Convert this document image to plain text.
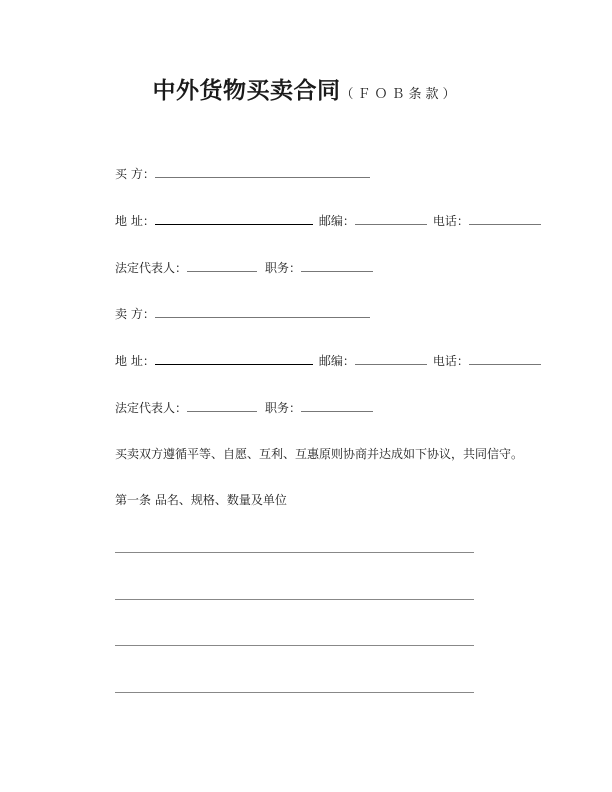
中外货物买卖合同（ＦＯＢ条款）
买 方：
地 址：	邮编：	电话：
法定代表人：	职务：
卖 方：
地 址：	邮编：	电话：
法定代表人：	职务：
买卖双方遵循平等、自愿、互利、互惠原则协商并达成如下协议，共同信守。
第一条 品名、规格、数量及单位
